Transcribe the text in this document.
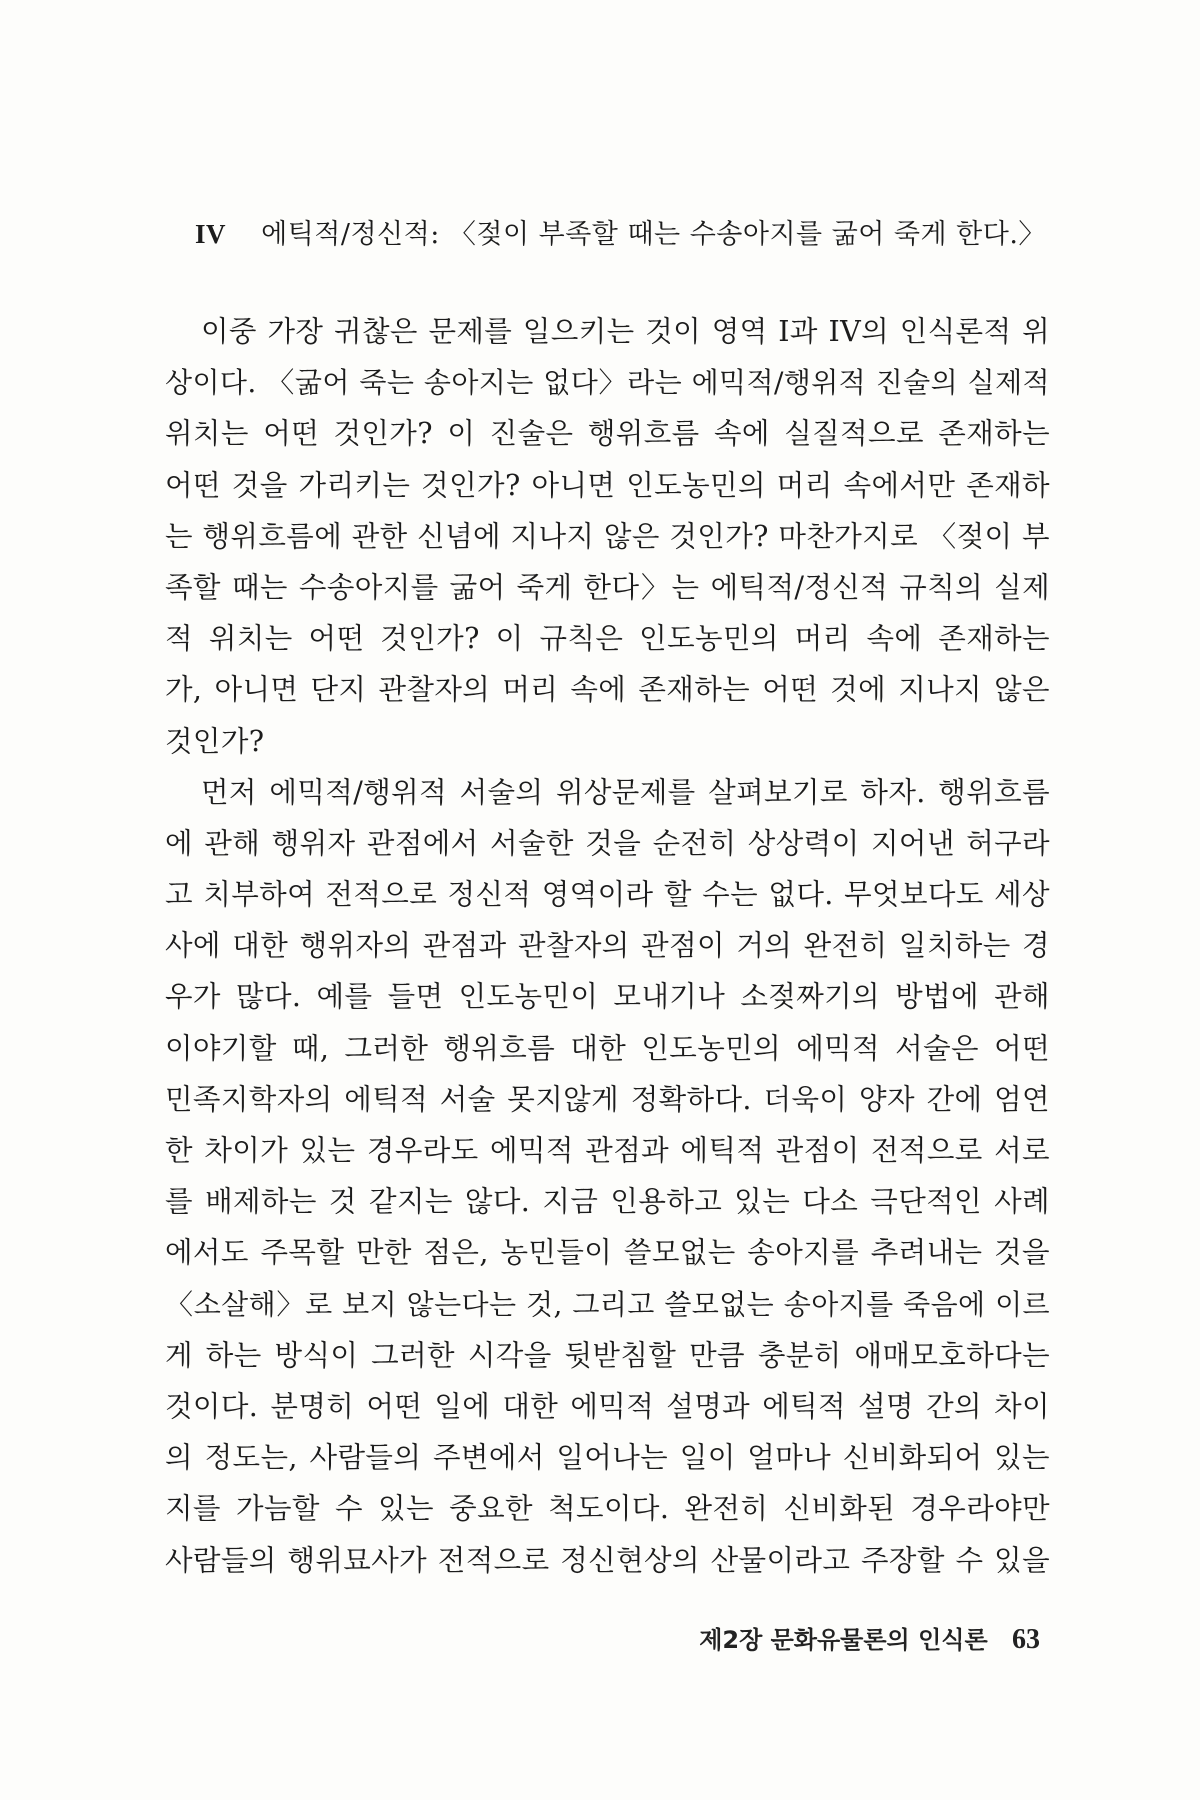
IV 에틱적/정신적: 〈젖이 부족할 때는 수송아지를 굶어 죽게 한다.〉
이중 가장 귀찮은 문제를 일으키는 것이 영역 I과 IV의 인식론적 위
상이다. 〈굶어 죽는 송아지는 없다〉라는 에믹적/행위적 진술의 실제적
위치는 어떤 것인가? 이 진술은 행위흐름 속에 실질적으로 존재하는
어떤 것을 가리키는 것인가? 아니면 인도농민의 머리 속에서만 존재하
는 행위흐름에 관한 신념에 지나지 않은 것인가? 마찬가지로 〈젖이 부
족할 때는 수송아지를 굶어 죽게 한다〉는 에틱적/정신적 규칙의 실제
적 위치는 어떤 것인가? 이 규칙은 인도농민의 머리 속에 존재하는
가, 아니면 단지 관찰자의 머리 속에 존재하는 어떤 것에 지나지 않은
것인가?
먼저 에믹적/행위적 서술의 위상문제를 살펴보기로 하자. 행위흐름
에 관해 행위자 관점에서 서술한 것을 순전히 상상력이 지어낸 허구라
고 치부하여 전적으로 정신적 영역이라 할 수는 없다. 무엇보다도 세상
사에 대한 행위자의 관점과 관찰자의 관점이 거의 완전히 일치하는 경
우가 많다. 예를 들면 인도농민이 모내기나 소젖짜기의 방법에 관해
이야기할 때, 그러한 행위흐름 대한 인도농민의 에믹적 서술은 어떤
민족지학자의 에틱적 서술 못지않게 정확하다. 더욱이 양자 간에 엄연
한 차이가 있는 경우라도 에믹적 관점과 에틱적 관점이 전적으로 서로
를 배제하는 것 같지는 않다. 지금 인용하고 있는 다소 극단적인 사례
에서도 주목할 만한 점은, 농민들이 쓸모없는 송아지를 추려내는 것을
〈소살해〉로 보지 않는다는 것, 그리고 쓸모없는 송아지를 죽음에 이르
게 하는 방식이 그러한 시각을 뒷받침할 만큼 충분히 애매모호하다는
것이다. 분명히 어떤 일에 대한 에믹적 설명과 에틱적 설명 간의 차이
의 정도는, 사람들의 주변에서 일어나는 일이 얼마나 신비화되어 있는
지를 가늠할 수 있는 중요한 척도이다. 완전히 신비화된 경우라야만
사람들의 행위묘사가 전적으로 정신현상의 산물이라고 주장할 수 있을
제2장 문화유물론의 인식론 63
